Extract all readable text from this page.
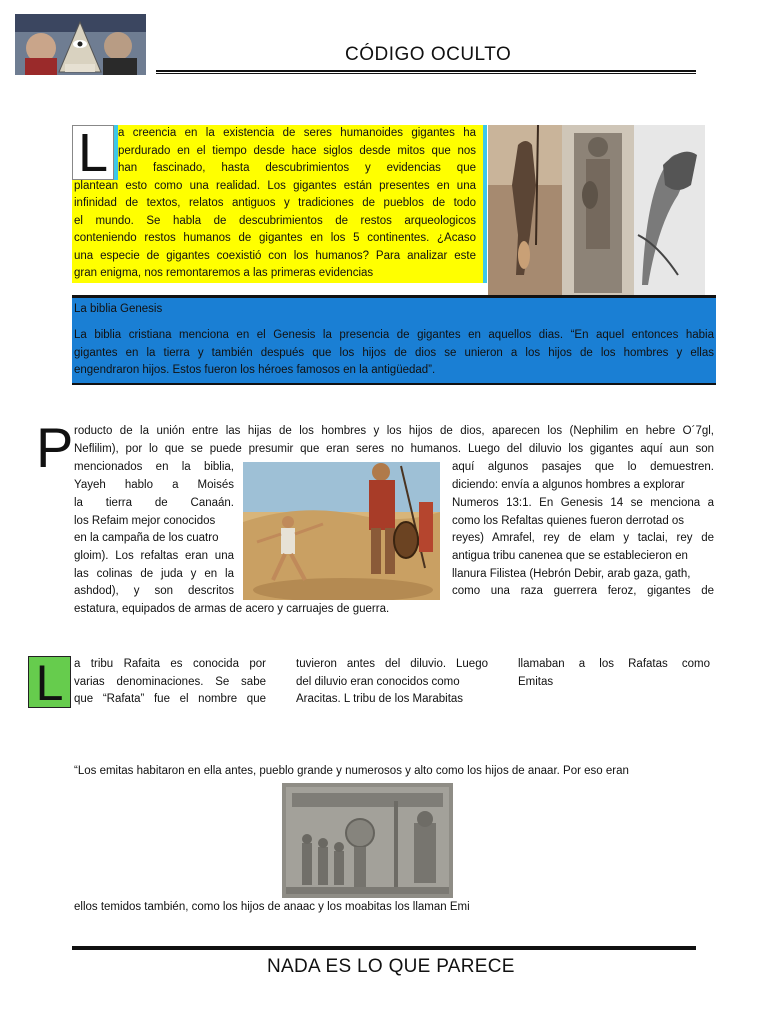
CÓDIGO OCULTO
L a creencia en la existencia de seres humanoides gigantes ha
perdurado en el tiempo desde hace siglos desde mitos que nos
han fascinado, hasta descubrimientos y evidencias que
plantean esto como una realidad. Los gigantes están presentes en una
infinidad de textos, relatos antiguos y tradiciones de pueblos de todo
el mundo. Se habla de descubrimientos de restos arqueologicos
conteniendo restos humanos de gigantes en los 5 continentes. ¿Acaso
una especie de gigantes coexistió con los humanos? Para analizar este
gran enigma, nos remontaremos a las primeras evidencias
La biblia Genesis
La biblia cristiana menciona en el Genesis la presencia de gigantes en aquellos dias. “En aquel entonces habia
gigantes en la tierra y también después que los hijos de dios se unieron a los hijos de los hombres y ellas
engendraron hijos. Estos fueron los héroes famosos en la antigüedad”.
P roducto de la unión entre las hijas de los hombres y los hijos de dios, aparecen los (Nephilim en hebre O´7gl,
Neflilim), por lo que se puede presumir que eran seres no humanos. Luego del diluvio los gigantes aquí aun son
mencionados en la biblia,
Yayeh hablo a Moisés
la tierra de Canaán.
los Refaim mejor conocidos
en la campaña de los cuatro
gloim). Los refaltas eran una
las colinas de juda y en la
ashdod), y son descritos
aquí algunos pasajes que lo demuestren.
diciendo: envía a algunos hombres a explorar
Numeros 13:1. En Genesis 14 se menciona a
como los Refaltas quienes fueron derrotad os
reyes) Amrafel, rey de elam y taclai, rey de
antigua tribu canenea que se establecieron en
llanura Filistea (Hebrón Debir, arab gaza, gath,
como una raza guerrera feroz, gigantes de
estatura, equipados de armas de acero y carruajes de guerra.
L a tribu Rafaita es conocida por
varias denominaciones. Se sabe
que “Rafata” fue el nombre que
tuvieron antes del diluvio. Luego
del diluvio eran conocidos como
Aracitas. L tribu de los Marabitas
llamaban a los Rafatas como
Emitas
“Los emitas habitaron en ella antes, pueblo grande y numerosos y alto como los hijos de anaar. Por eso eran
ellos temidos también, como los hijos de anaac y los moabitas los llaman Emi
NADA ES LO QUE PARECE
